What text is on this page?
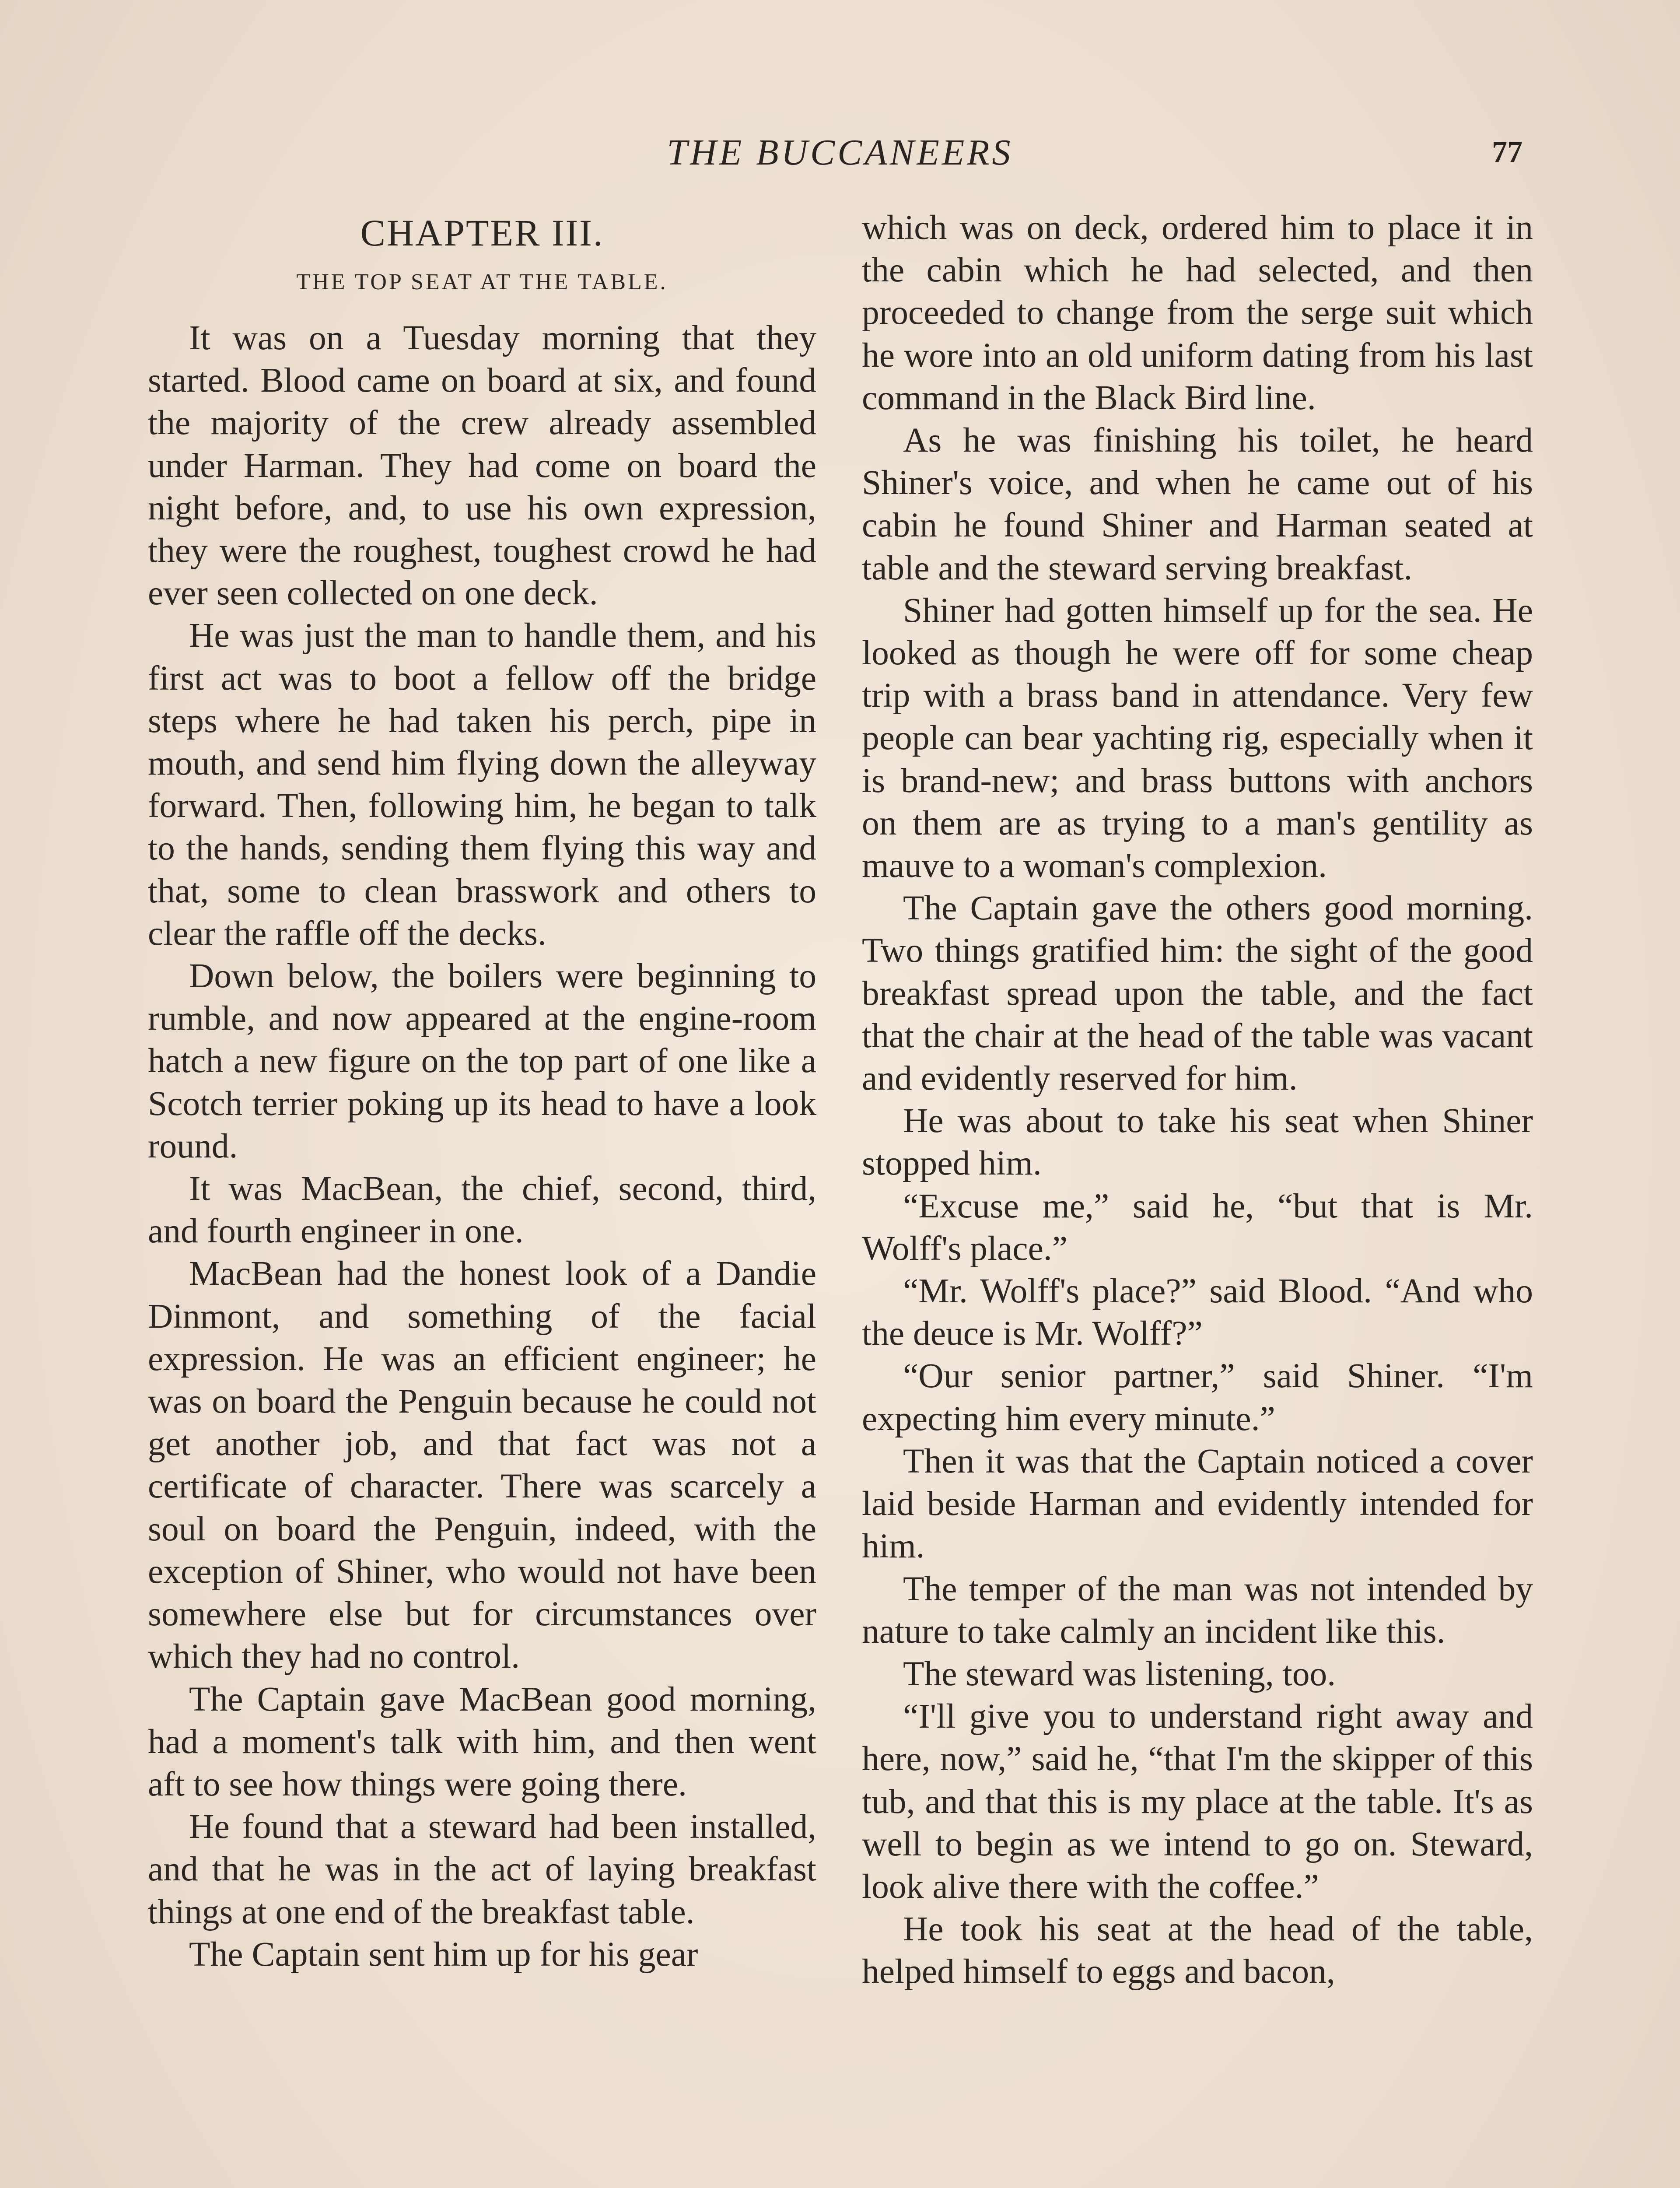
THE BUCCANEERS	77
CHAPTER III.
THE TOP SEAT AT THE TABLE.

It was on a Tuesday morning that they started. Blood came on board at six, and found the majority of the crew already assembled under Harman. They had come on board the night before, and, to use his own expression, they were the roughest, toughest crowd he had ever seen collected on one deck.

He was just the man to handle them, and his first act was to boot a fellow off the bridge steps where he had taken his perch, pipe in mouth, and send him flying down the alleyway forward. Then, following him, he began to talk to the hands, sending them flying this way and that, some to clean brasswork and others to clear the raffle off the decks.

Down below, the boilers were beginning to rumble, and now appeared at the engine-room hatch a new figure on the top part of one like a Scotch terrier poking up its head to have a look round.

It was MacBean, the chief, second, third, and fourth engineer in one.

MacBean had the honest look of a Dandie Dinmont, and something of the facial expression. He was an efficient engineer; he was on board the Penguin because he could not get another job, and that fact was not a certificate of character. There was scarcely a soul on board the Penguin, indeed, with the exception of Shiner, who would not have been somewhere else but for circumstances over which they had no control.

The Captain gave MacBean good morning, had a moment's talk with him, and then went aft to see how things were going there.

He found that a steward had been installed, and that he was in the act of laying breakfast things at one end of the breakfast table.

The Captain sent him up for his gear

which was on deck, ordered him to place it in the cabin which he had selected, and then proceeded to change from the serge suit which he wore into an old uniform dating from his last command in the Black Bird line.

As he was finishing his toilet, he heard Shiner's voice, and when he came out of his cabin he found Shiner and Harman seated at table and the steward serving breakfast.

Shiner had gotten himself up for the sea. He looked as though he were off for some cheap trip with a brass band in attendance. Very few people can bear yachting rig, especially when it is brand-new; and brass buttons with anchors on them are as trying to a man's gentility as mauve to a woman's complexion.

The Captain gave the others good morning. Two things gratified him: the sight of the good breakfast spread upon the table, and the fact that the chair at the head of the table was vacant and evidently reserved for him.

He was about to take his seat when Shiner stopped him.

“Excuse me,” said he, “but that is Mr. Wolff's place.”

“Mr. Wolff's place?” said Blood. “And who the deuce is Mr. Wolff?”

“Our senior partner,” said Shiner. “I'm expecting him every minute.”

Then it was that the Captain noticed a cover laid beside Harman and evidently intended for him.

The temper of the man was not intended by nature to take calmly an incident like this.

The steward was listening, too.

“I'll give you to understand right away and here, now,” said he, “that I'm the skipper of this tub, and that this is my place at the table. It's as well to begin as we intend to go on. Steward, look alive there with the coffee.”

He took his seat at the head of the table, helped himself to eggs and bacon,
